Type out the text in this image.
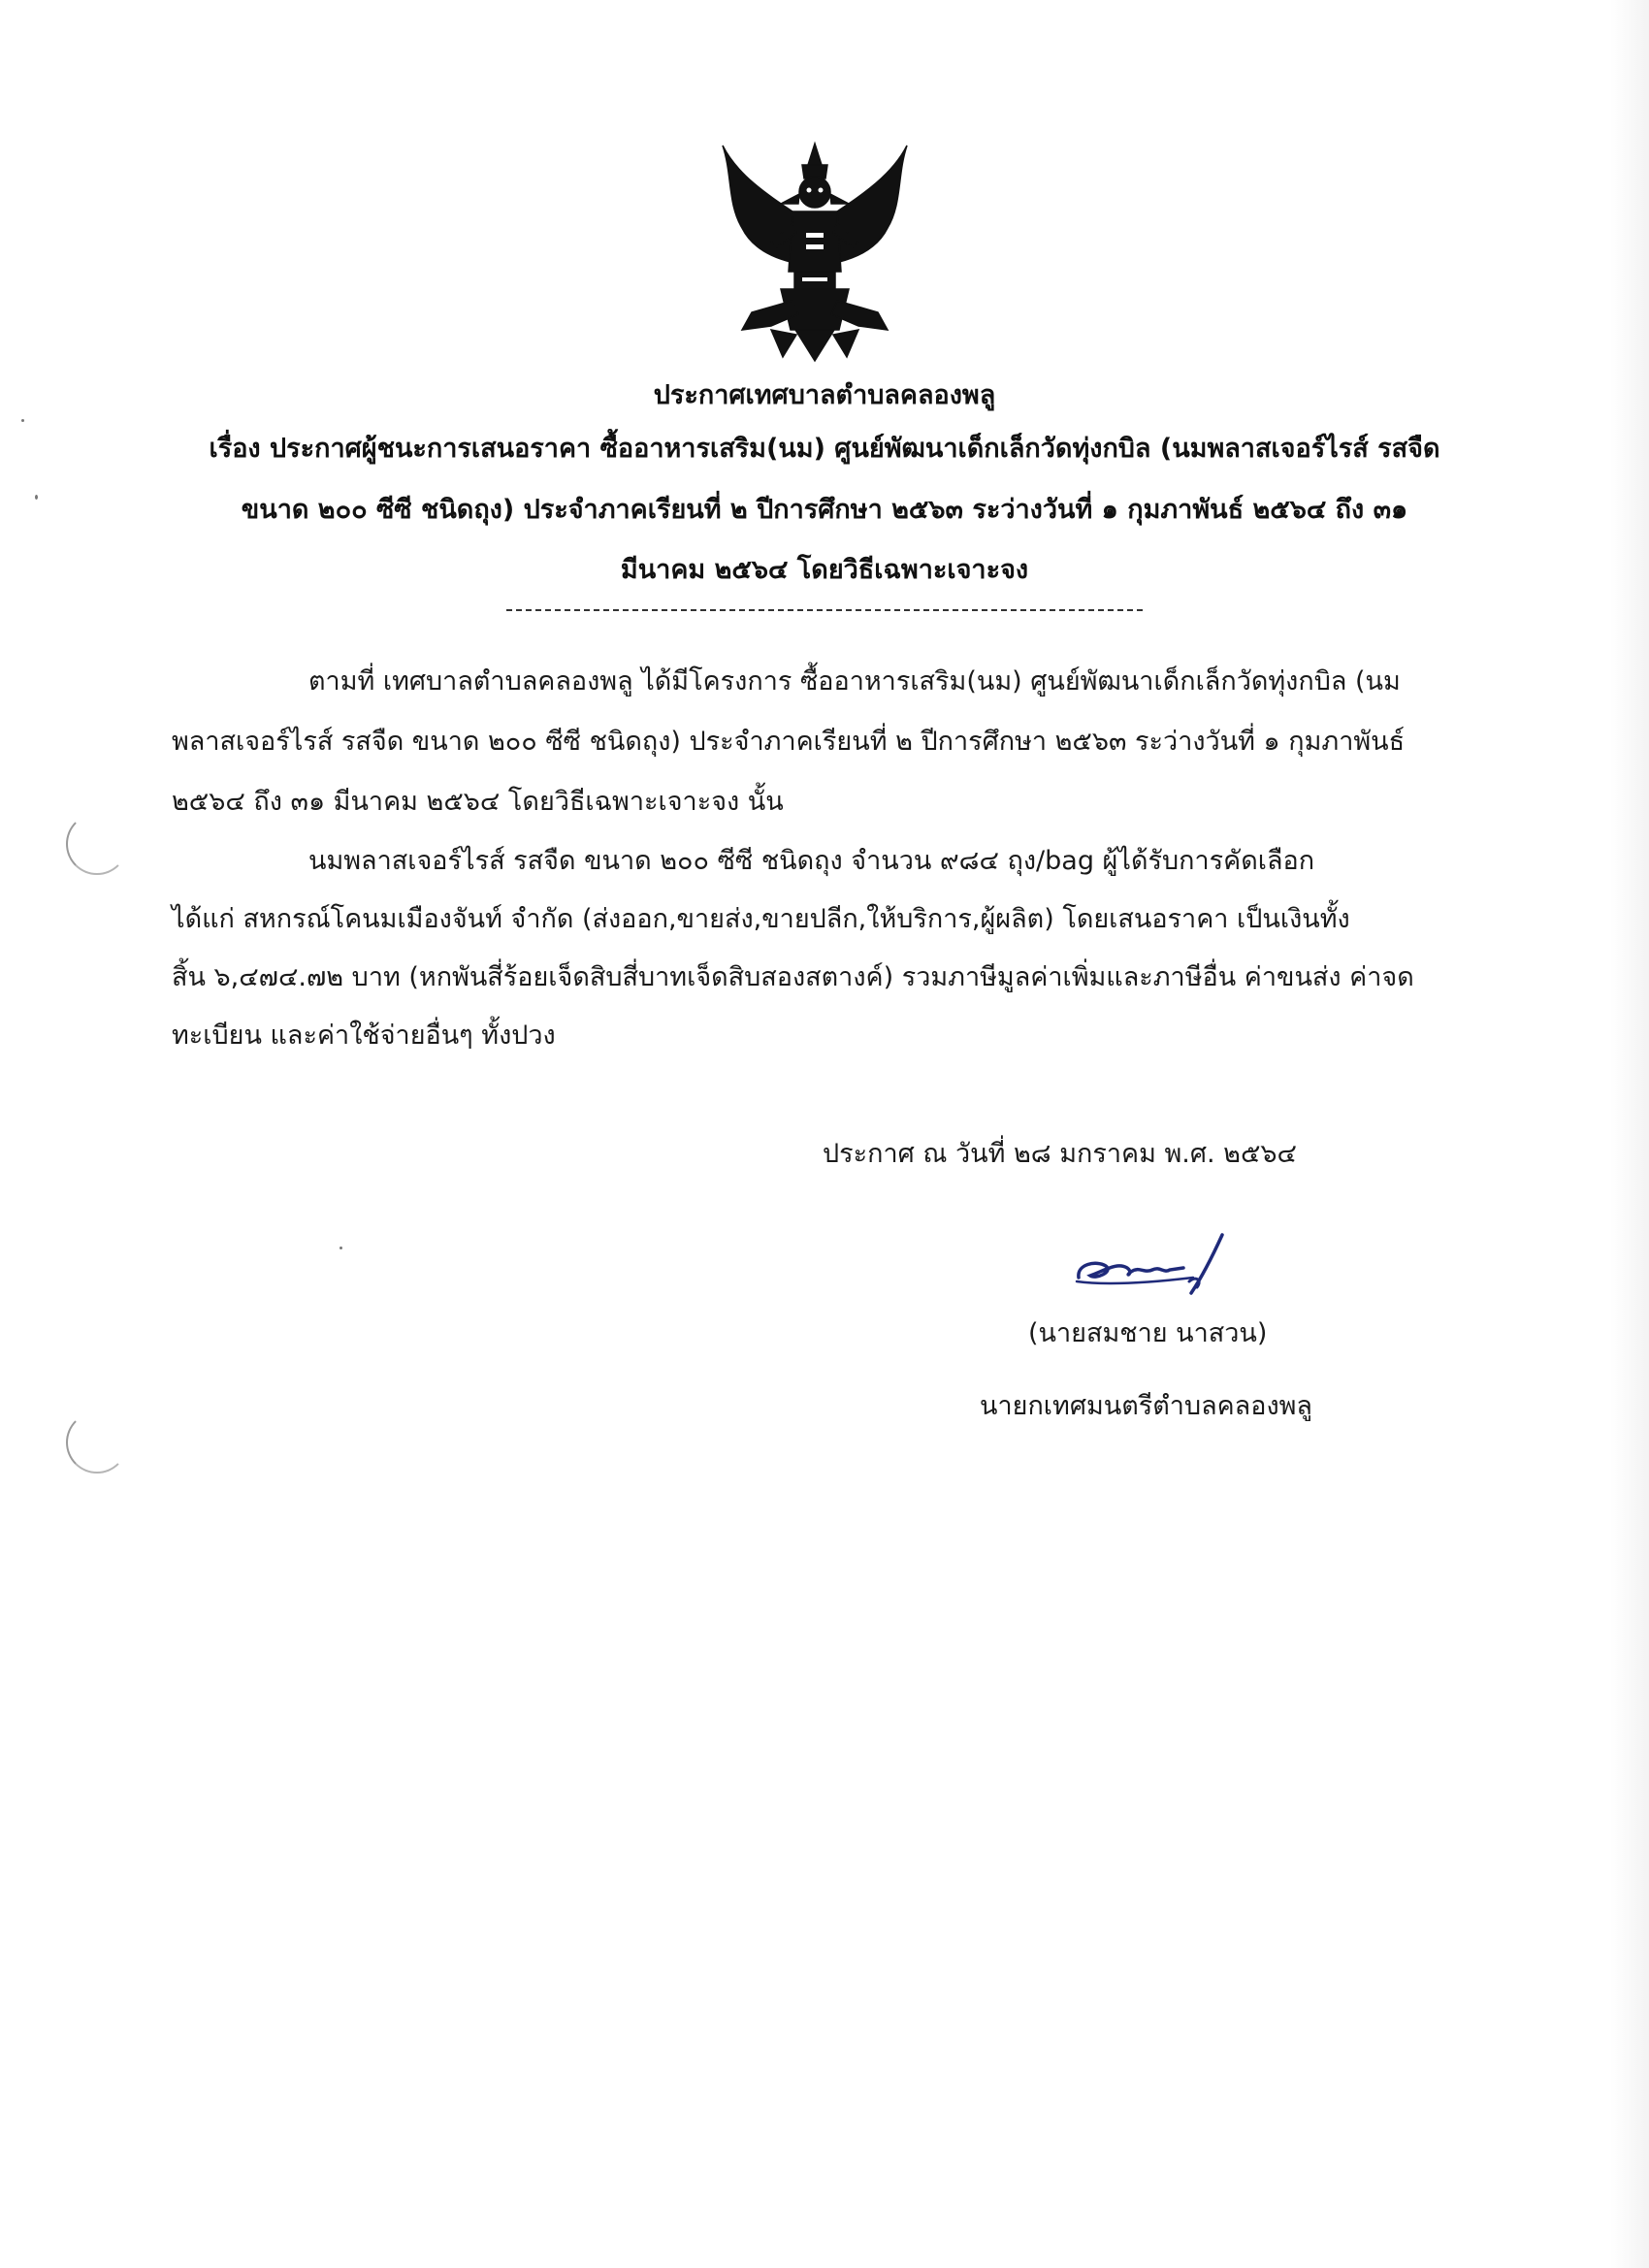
ประกาศเทศบาลตำบลคลองพลู
เรื่อง ประกาศผู้ชนะการเสนอราคา ซื้ออาหารเสริม(นม) ศูนย์พัฒนาเด็กเล็กวัดทุ่งกบิล (นมพลาสเจอร์ไรส์ รสจืด
ขนาด ๒๐๐ ซีซี ชนิดถุง) ประจำภาคเรียนที่ ๒ ปีการศึกษา ๒๕๖๓ ระว่างวันที่ ๑ กุมภาพันธ์ ๒๕๖๔ ถึง ๓๑
มีนาคม ๒๕๖๔ โดยวิธีเฉพาะเจาะจง
ตามที่ เทศบาลตำบลคลองพลู ได้มีโครงการ ซื้ออาหารเสริม(นม) ศูนย์พัฒนาเด็กเล็กวัดทุ่งกบิล (นม
พลาสเจอร์ไรส์ รสจืด ขนาด ๒๐๐ ซีซี ชนิดถุง) ประจำภาคเรียนที่ ๒ ปีการศึกษา ๒๕๖๓ ระว่างวันที่ ๑ กุมภาพันธ์
๒๕๖๔ ถึง ๓๑ มีนาคม ๒๕๖๔ โดยวิธีเฉพาะเจาะจง นั้น
นมพลาสเจอร์ไรส์ รสจืด ขนาด ๒๐๐ ซีซี ชนิดถุง จำนวน ๙๘๔ ถุง/bag ผู้ได้รับการคัดเลือก
ได้แก่ สหกรณ์โคนมเมืองจันท์ จำกัด (ส่งออก,ขายส่ง,ขายปลีก,ให้บริการ,ผู้ผลิต) โดยเสนอราคา เป็นเงินทั้ง
สิ้น ๖,๔๗๔.๗๒ บาท (หกพันสี่ร้อยเจ็ดสิบสี่บาทเจ็ดสิบสองสตางค์) รวมภาษีมูลค่าเพิ่มและภาษีอื่น ค่าขนส่ง ค่าจด
ทะเบียน และค่าใช้จ่ายอื่นๆ ทั้งปวง
ประกาศ ณ วันที่ ๒๘ มกราคม พ.ศ. ๒๕๖๔
(นายสมชาย นาสวน)
นายกเทศมนตรีตำบลคลองพลู
